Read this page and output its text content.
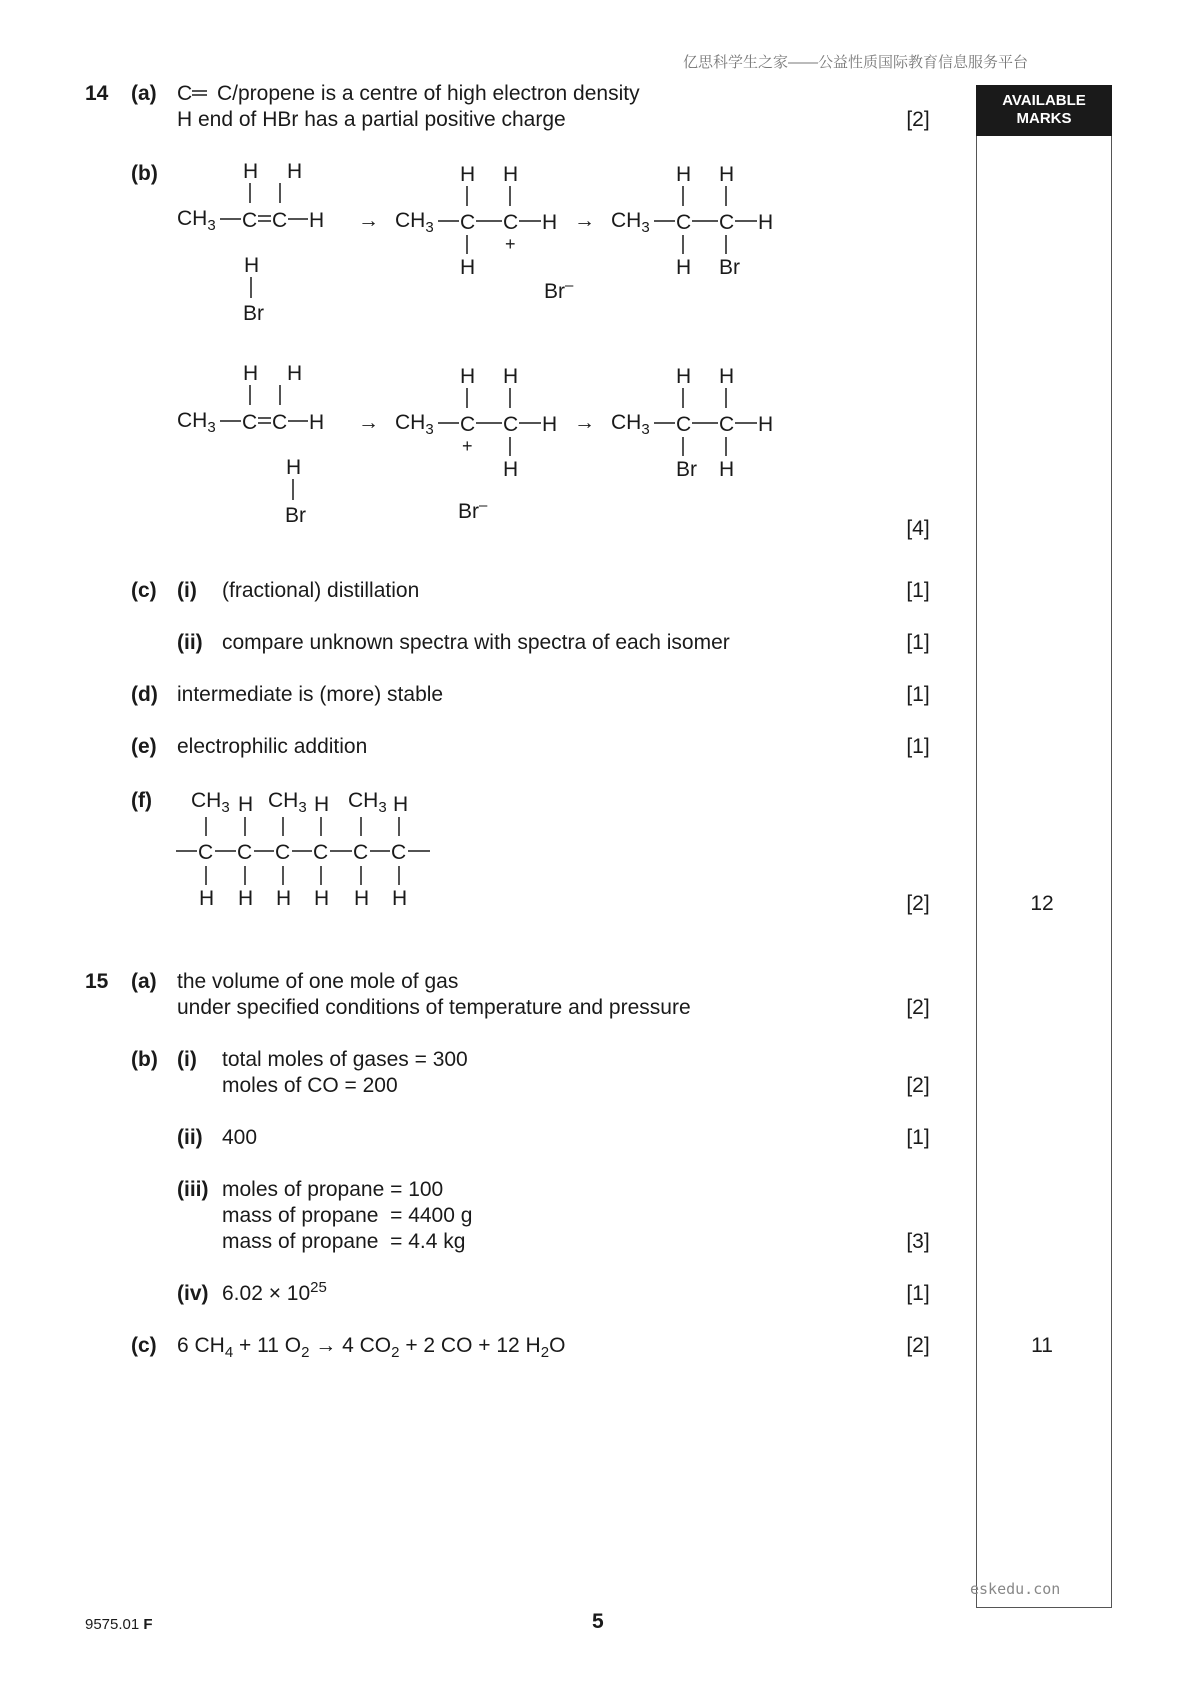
亿思科学生之家——公益性质国际教育信息服务平台
AVAILABLE
MARKS
14 (a) C C/propene is a centre of high electron density
H end of HBr has a partial positive charge	[2]
(b)
$CH_3$ C C H
H H
H
Br
→ $CH_3$ C C H
H H
H
+
Br–
→ $CH_3$ C C H
H H
H Br
$CH_3$ C C H
H H
H
Br
→ $CH_3$ C C H
H H
+
H
Br–
→ $CH_3$ C C H
H H
Br H
[4]
(c) (i) (fractional) distillation	[1]
(ii) compare unknown spectra with spectra of each isomer	[1]
(d) intermediate is (more) stable	[1]
(e) electrophilic addition	[1]
(f)
C C C C C C
$CH_3$ H $CH_3$ H $CH_3$ H
H H H H H H	[2]	12
15 (a) the volume of one mole of gas
under specified conditions of temperature and pressure	[2]
(b) (i) total moles of gases = 300
moles of CO = 200	[2]
(ii) 400	[1]
(iii) moles of propane = 100
mass of propane  = 4400 g
mass of propane  = 4.4 kg	[3]
(iv) $6.02 \times 10^{25}$	[1]
(c) 6 $CH_4 + 11$ $O_2 \to 4$ $CO_2 + 2$ CO + 12 $H_2O$	[2]	11
eskedu.con
9575.01 F	5
